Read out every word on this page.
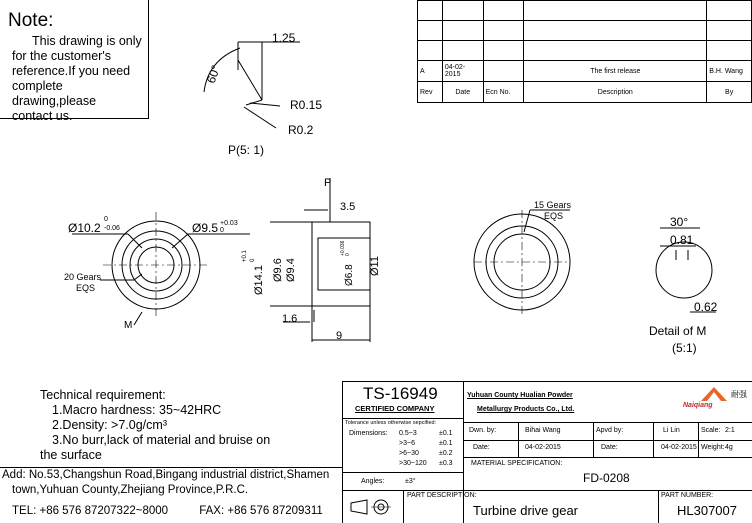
Note:
This drawing is only
for the customer's
reference.If you need
complete drawing,please
contact us.

A	04-02-2015		The first release	B.H. Wang
Rev	Date	Ecn No.	Description	By
60°
1.25
R0.15
R0.2
P(5: 1)
Ø10.2
0
-0.06	Ø9.5 +0.03
0
20 Gears
EQS
M
P
3.5
Ø14.1
+0.1 0 Ø9.6 Ø9.4	Ø6.8
+0.036 0
Ø11
1.6
9
15 Gears
EQS	30°
0.81
0.62
Detail of M
(5:1)
Technical requirement:
1.Macro hardness: 35~42HRC
2.Density: >7.0g/cm³
3.No burr,lack of material and bruise on
the surface
Add: No.53,Changshun Road,Bingang industrial district,Shamen
town,Yuhuan County,Zhejiang Province,P.R.C.
TEL: +86 576 87207322~8000	FAX: +86 576 87209311
TS-16949
CERTIFIED COMPANY
Tolerance unless otherwise sepcified:
Dimensions: 0.5~3	±0.1
>3~6	±0.1
>6~30	±0.2
>30~120 ±0.3
Angles:	±3°
Yuhuan County Hualian Powder
Metallurgy Products Co., Ltd.
耐强
Naiqiang
Dwn. by:	Bihai Wang	Apvd by:	Li Lin	Scale: 2:1
Date:	04-02-2015	Date:	04-02-2015 Weight: 4g
MATERIAL SPECIFICATION:
FD-0208
PART DESCRIPTION:
Turbine drive gear
PART NUMBER:
HL307007
